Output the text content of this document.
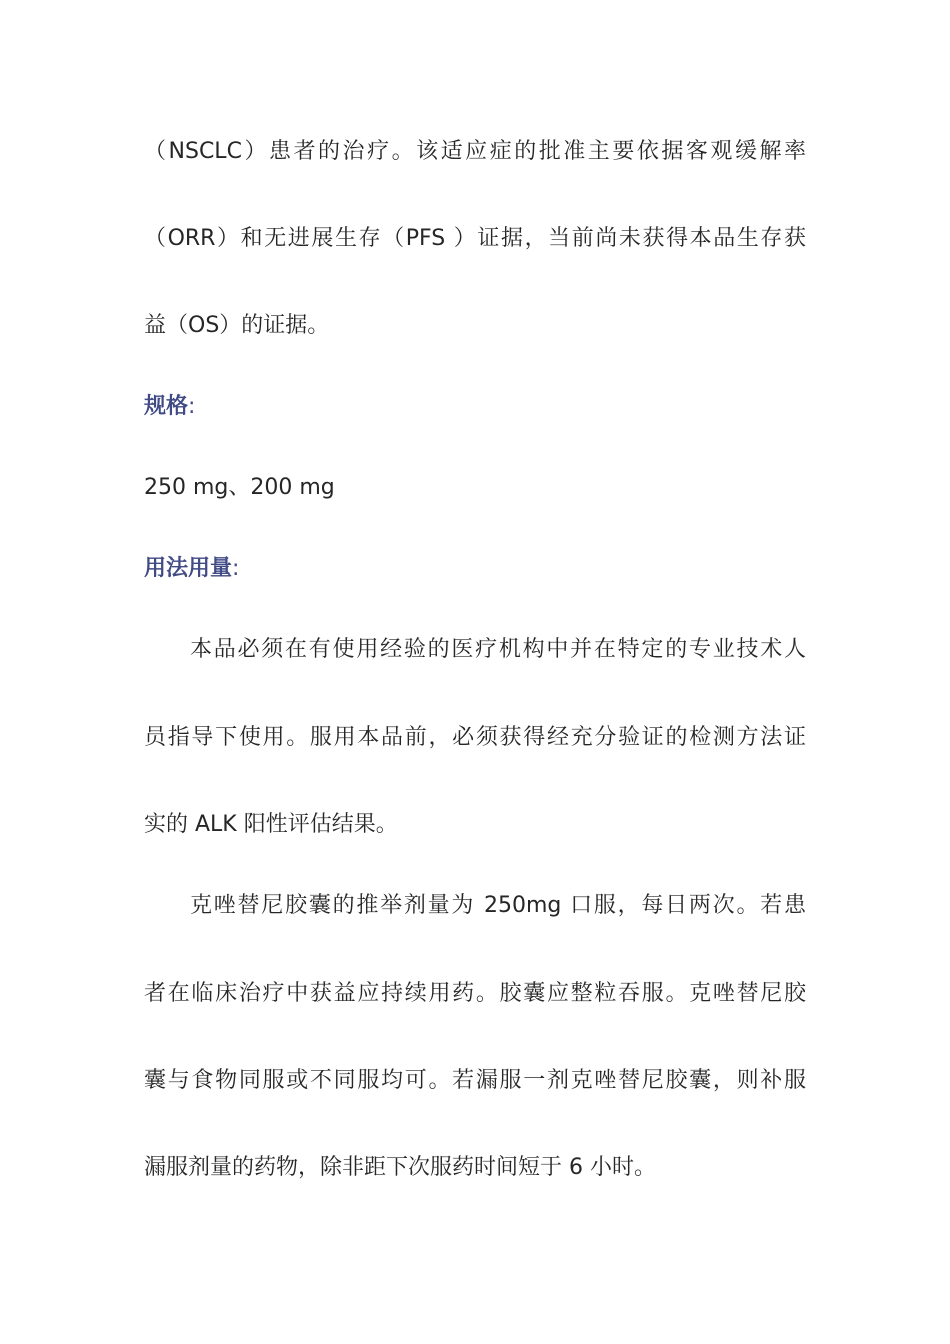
（NSCLC）患者的治疗。该适应症的批准主要依据客观缓解率
（ORR）和无进展生存（PFS ）证据，当前尚未获得本品生存获
益（OS）的证据。
规格:
250 mg、200 mg
用法用量:
本品必须在有使用经验的医疗机构中并在特定的专业技术人
员指导下使用。服用本品前，必须获得经充分验证的检测方法证
实的 ALK 阳性评估结果。
克唑替尼胶囊的推举剂量为 250mg 口服，每日两次。若患
者在临床治疗中获益应持续用药。胶囊应整粒吞服。克唑替尼胶
囊与食物同服或不同服均可。若漏服一剂克唑替尼胶囊，则补服
漏服剂量的药物，除非距下次服药时间短于 6 小时。
